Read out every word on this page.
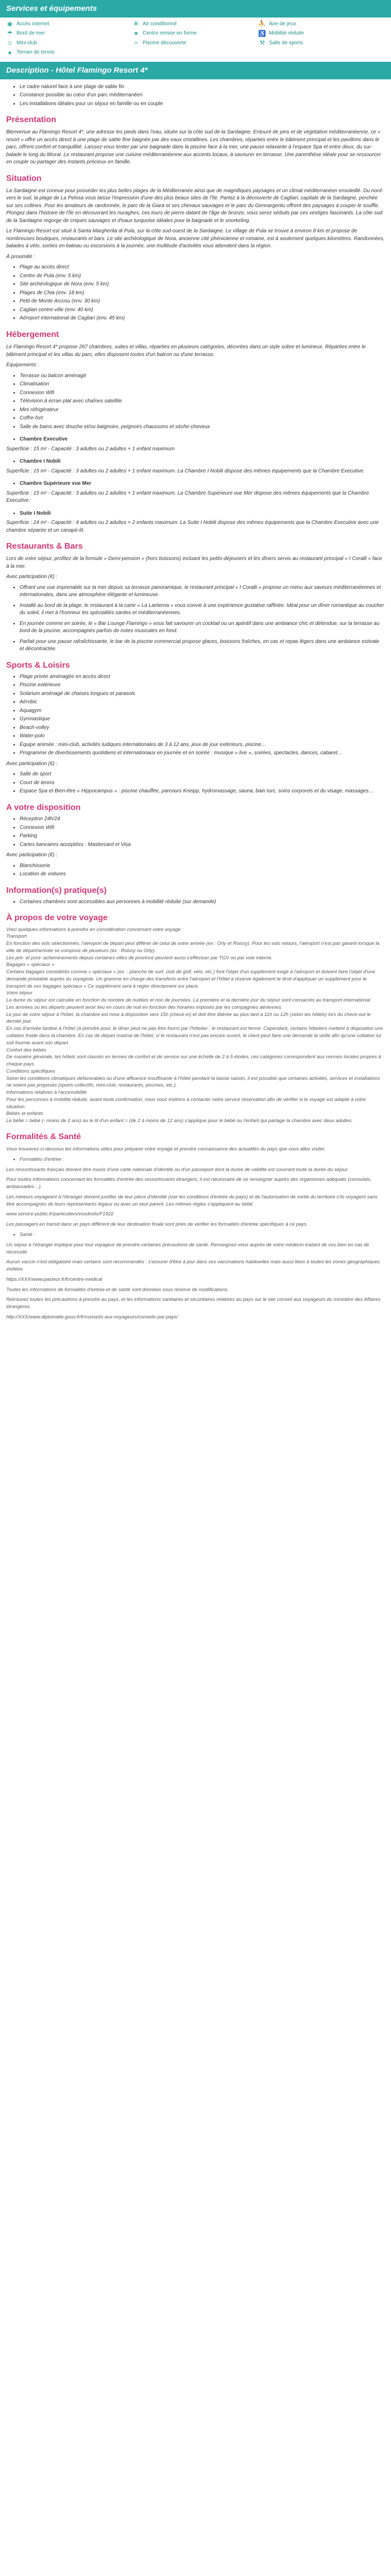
Services et équipements
◉ Accès internet	❄ Air conditionné	⛹ Aire de jeux
☂ Bord de mer	♥ Centre remise en forme	♿ Mobilité réduite
☺ Mini club	≈ Piscine découverte	⚒ Salle de sports
● Terrain de tennis
Description - Hôtel Flamingo Resort 4*
• Le cadre naturel face à une plage de sable fin
• Constance possible au cœur d'un parc méditerranéen
• Les installations idéales pour un séjour en famille ou en couple
Présentation
Bienvenue au Flamingo Resort 4*, une adresse les pieds dans l'eau, située sur la côte sud de la Sardaigne. Entouré de pins et de végétation méditerranéenne, ce « resort » offre un accès direct à une plage de sable fine baignée par des eaux cristallines. Les chambres, réparties entre le bâtiment principal et les pavillons dans le parc, offrent confort et tranquillité. Laissez-vous tenter par une baignade dans la piscine face à la mer, une pause relaxante à l'espace Spa et entre deux, du sur-balade le long du littoral. Le restaurant propose une cuisine méditerranéenne aux accents locaux, à savourer en terrasse. Une parenthèse idéale pour se ressourcer en couple ou partager des instants précieux en famille.
Situation
La Sardaigne est connue pour posséder les plus belles plages de la Méditerranée ainsi que de magnifiques paysages et un climat méditerranéen ensoleillé. Du nord-vers le sud, la plage de La Pelosa vous laisse l'impression d'une des plus beaux sites de l'île. Partez à la découverte de Cagliari, capitale de la Sardaigne, perchée sur ses collines. Pour les amateurs de randonnée, le parc de la Giara et ses chevaux sauvages et le parc du Gennargentu offrent des paysages à couper le souffle. Plongez dans l'histoire de l'île en découvrant les nuraghes, ces tours de pierre datant de l'âge de bronze, vous serez séduits par ces vestiges fascinants. La côte sud de la Sardaigne regorge de criques sauvages et d'eaux turquoise idéales pour la baignade et le snorkeling.
Le Flamingo Resort est situé à Santa Margherita di Pula, sur la côte sud-ouest de la Sardaigne. Le village de Pula se trouve à environ 8 km et propose de nombreuses boutiques, restaurants et bars. Le site archéologique de Nora, ancienne cité phénicienne et romaine, est à seulement quelques kilomètres. Randonnées, balades à vélo, sorties en bateau ou excursions à la journée, une multitude d'activités vous attendent dans la région.
À proximité :
• Plage au accès direct
• Centre de Pula (env. 5 km)
• Site archéologique de Nora (env. 5 km)
• Plages de Chia (env. 18 km)
• Petit de Monte Arcosu (env. 30 km)
• Cagliari centre-ville (env. 40 km)
• Aéroport international de Cagliari (env. 45 km)
Hébergement
Le Flamingo Resort 4* propose 267 chambres, suites et villas, réparties en plusieurs catégories, décorées dans un style sobre et lumineux. Réparties entre le bâtiment principal et les villas du parc, elles disposent toutes d'un balcon ou d'une terrasse.
Équipements :
• Terrasse ou balcon aménagé
• Climatisation
• Connexion Wifi
• Télévision à écran plat avec chaînes satellite
• Mini réfrigérateur
• Coffre-fort
• Salle de bains avec douche et/ou baignoire, peignoirs chaussons et sèche-cheveux
• Chambre Executive
Superficie : 15 m² - Capacité : 3 adultes ou 2 adultes + 1 enfant maximum
• Chambre I Nobili
Superficie : 15 m² - Capacité : 3 adultes ou 2 adultes + 1 enfant maximum. La Chambre I Nobili dispose des mêmes équipements que la Chambre Executive.
• Chambre Supérieure vue Mer
Superficie : 15 m² - Capacité : 3 adultes ou 2 adultes + 1 enfant maximum. La Chambre Supérieure vue Mer dispose des mêmes équipements que la Chambre Executive.
• Suite I Nobili
Superficie : 24 m² - Capacité : 4 adultes ou 2 adultes + 2 enfants maximum. La Suite I Nobili dispose des mêmes équipements que la Chambre Executive avec une chambre séparée et un canapé-lit.
Restaurants & Bars
Lors de votre séjour, profitez de la formule « Demi-pension » (hors boissons) incluant les petits-déjeuners et les dîners servis au restaurant principal « I Coralli » face à la mer.
Avec participation (€) :
• Offrant une vue imprenable sur la mer depuis sa terrasse panoramique, le restaurant principal « I Coralli » propose un menu aux saveurs méditerranéennes et internationales, dans une atmosphère élégante et lumineuse.
• Installé au bord de la plage, le restaurant à la carte « La Lanterna » vous convie à une expérience gustative raffinée. Idéal pour un dîner romantique au coucher du soleil, il met à l'honneur les spécialités sardes et méditerranéennes.
• En journée comme en soirée, le « Bar Lounge Flamingo » vous fait savourer un cocktail ou un apéritif dans une ambiance chic et détendue, sur la terrasse au bord de la piscine, accompagnés parfois de notes musicales en fond.
• Parfait pour une pause rafraîchissante, le bar de la piscine commercial propose glaces, boissons fraîches, en cas et repas légers dans une ambiance estivale et décontractée.
Sports & Loisirs
• Plage privée aménagée en accès direct
• Piscine extérieure
• Solarium aménagé de chaises longues et parasols
• Aérobic
• Aquagym
• Gymnastique
• Beach-volley
• Water-polo
• Équipe animée : mini-club, activités ludiques internationales de 3 à 12 ans, jeux de jour extérieurs, piscine…
• Programme de divertissements quotidiens et internationaux en journée et en soirée : musique « live », soirées, spectacles, dances, cabaret…
Avec participation (€) :
• Salle de sport
• Court de tennis
• Espace Spa et Bien-être « Hippocampus » : piscine chauffée, parcours Kneipp, hydromassage, sauna, bain turc, soins corporels et du visage, massages…
A votre disposition
• Réception 24h/24
• Connexion Wifi
• Parking
• Cartes bancaires acceptées : Mastercard et Visa
Avec participation (€) :
• Blanchisserie
• Location de voitures
Information(s) pratique(s)
• Certaines chambres sont accessibles aux personnes à mobilité réduite (sur demande)
À propos de votre voyage
Voici quelques informations à prendre en considération concernant votre voyage :
Transport
En fonction des vols sélectionnés, l'aéroport de départ peut différer de celui de votre arrivée (ex : Orly et Roissy). Pour les vols retours, l'aéroport n'est pas garanti lorsque la ville de départ/arrivée se compose de plusieurs (ex : Roissy ou Orly).
Les pré- et post- acheminements depuis certaines villes de province peuvent aussi s'effectuer par TGV ou par voie interne.
Bagages « spéciaux »
Certains bagages considérés comme « spéciaux » (ex. : planche de surf, club de golf, vélo, etc.) font l'objet d'un supplément exigé à l'aéroport et doivent faire l'objet d'une demande préalable auprès du voyagiste. Un gramme en charge des transferts entre l'aéroport et l'hôtel a réserve également le droit d'appliquer un supplément pour le transport de ces bagages spéciaux « Ce supplément sera à régler directement sur place.
Votre séjour
La durée du séjour est calculée en fonction du nombre de nuitées et non de journées. La première et la dernière jour du séjour sont consacrés au transport international.
Les arrivées ou les départs peuvent avoir lieu en cours de nuit en fonction des horaires imposés par les compagnies aériennes.
Le jour de votre séjour à l'hôtel, la chambre est mise à disposition vers 15h (check-in) et doit être libérée au plus tard à 11h ou 12h (selon les hôtels) lors du check-out le dernier jour.
En cas d'arrivée tardive à l'hôtel (à prendre pour, le dîner peut ne pas être fourni par l'hôtelier : le restaurant est fermé. Cependant, certains hôteliers mettent à disposition une collation froide dans la chambre. En cas de départ matinal de l'hôtel, si le restaurant n'est pas encore ouvert, le client peut faire une demande la veille afin qu'une collation lui soit fournie avant son départ.
Confort des bébés
De manière générale, les hôtels sont classés en termes de confort et de service sur une échelle de 2 à 5 étoiles, ces catégories correspondent aux normes locales propres à chaque pays.
Conditions spécifiques
Selon les conditions climatiques défavorables ou d'une affluence insuffisante à l'hôtel pendant la basse saison, il est possible que certaines activités, services et installations ne soient pas proposés (sports collectifs, mini-club, restaurants, piscines, etc.).
Informations relatives à l'accessibilité
Pour les personnes à mobilité réduite, avant toute confirmation, nous vous invitons à contacter notre service réservation afin de vérifier si le voyage est adapté à votre situation.
Bébés et enfants
Le bébé = bébé (- moins de 2 ans) ou le lit d'un enfant = (de 2 à moins de 12 ans) s'applique pour le bébé ou l'enfant qui partage la chambre avec deux adultes.
Formalités & Santé
Vous trouverez ci-dessous les informations utiles pour préparer votre voyage et prendre connaissance des actualités du pays que vous allez visiter.
• Formalités d'entrée :
Les ressortissants français doivent être munis d'une carte nationale d'identité ou d'un passeport dont la durée de validité est couvrant toute la durée du séjour.
Pour toutes informations concernant les formalités d'entrée des ressortissants étrangers, il est nécessaire de se renseigner auprès des organismes adéquats (consulats, ambassades…).
Les mineurs voyageant à l'étranger doivent justifier de leur pièce d'identité (voir les conditions d'entrée du pays) et de l'autorisation de sortie du territoire s'ils voyagent sans être accompagnés de leurs représentants légaux ou avec un seul parent. Les mêmes règles s'appliquent au bébé.
www.service-public.fr/particuliers/vosdroits/F1922
Les passagers en transit dans un pays différent de leur destination finale sont priés de vérifier les formalités d'entrée spécifiques à ce pays.
• Santé :
Un séjour à l'étranger implique pour tout voyageur de prendre certaines précautions de santé. Renseignez-vous auprès de votre médecin traitant de vos bien en cas de nécessité.
Aucun vaccin n'est obligatoire mais certains sont recommandés : s'assurer d'être à jour dans ses vaccinations habituelles mais aussi liées à toutes les zones géographiques visitées.
https://XXX/www.pasteur.fr/fr/centre-medical
Toutes les informations de formalités d'entrée et de santé sont données sous réserve de modifications.
Retrouvez toutes les précautions à prendre au pays, et les informations sanitaires et sécuritaires relatives au pays sur le site conseil aux voyageurs du ministère des Affaires étrangères.
http://XXX/www.diplomatie.gouv.fr/fr/conseils-aux-voyageurs/conseils-par-pays/
